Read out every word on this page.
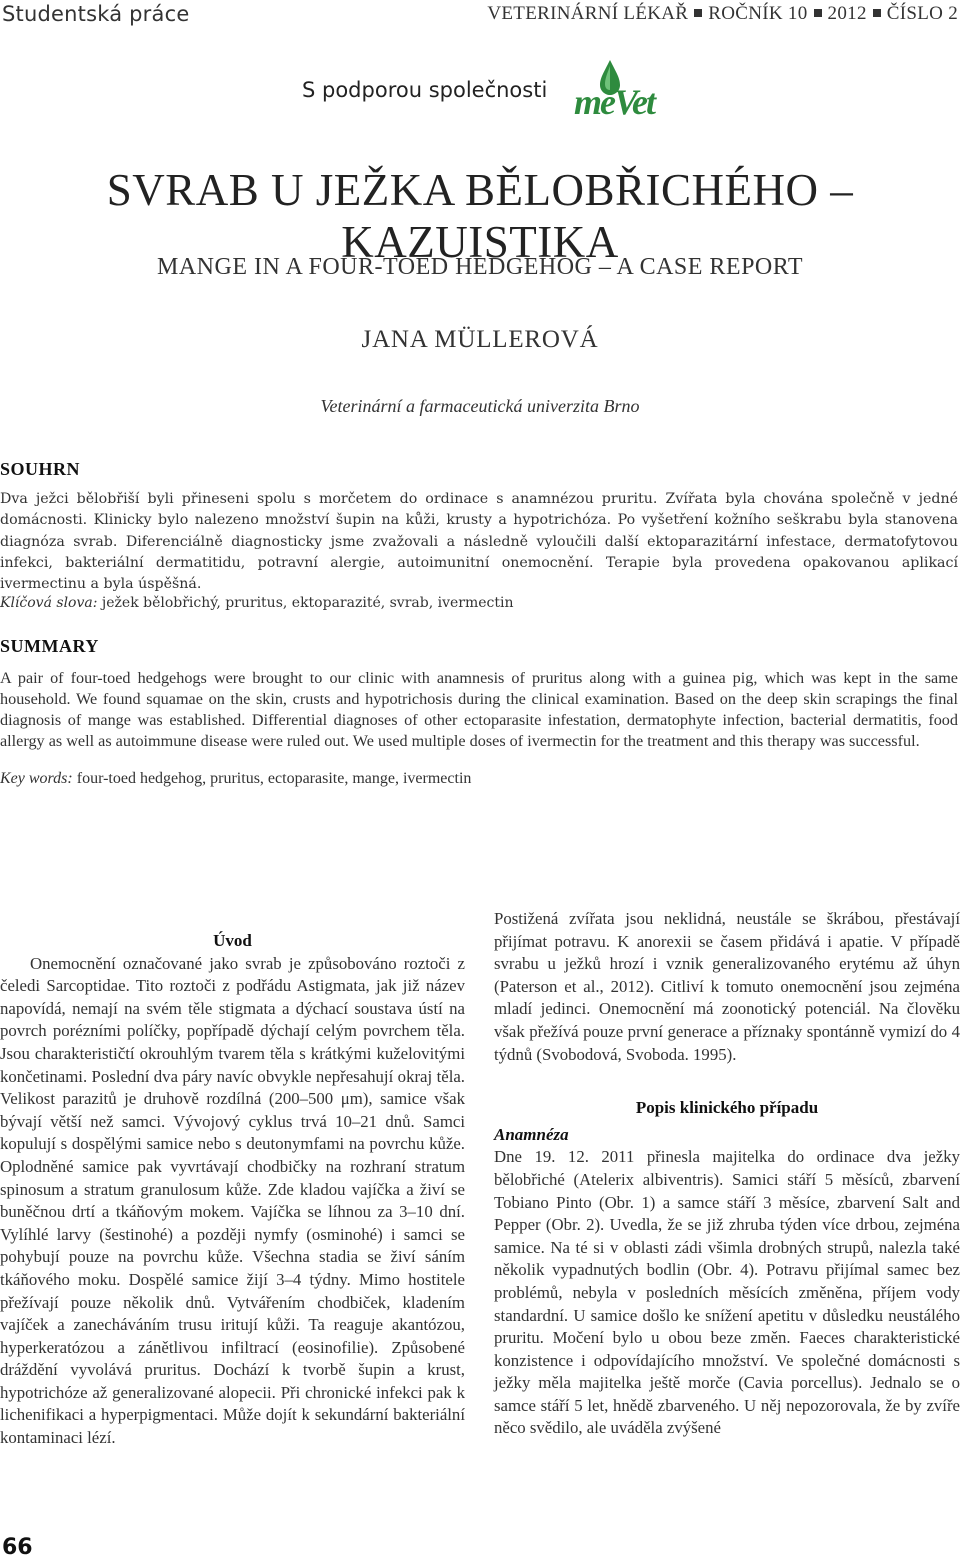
Studentská práce	VETERINÁRNÍ LÉKAŘ ROČNÍK 10 2012 ČÍSLO 2
S podporou společnosti meVet
SVRAB U JEŽKA BĚLOBŘICHÉHO – KAZUISTIKA
MANGE IN A FOUR-TOED HEDGEHOG – A CASE REPORT
JANA MÜLLEROVÁ
Veterinární a farmaceutická univerzita Brno
SOUHRN
Dva ježci bělobřiší byli přineseni spolu s morčetem do ordinace s anamnézou pruritu. Zvířata byla chována společně v jedné domácnosti. Klinicky bylo nalezeno množství šupin na kůži, krusty a hypotrichóza. Po vyšetření kožního seškrabu byla stanovena diagnóza svrab. Diferenciálně diagnosticky jsme zvažovali a následně vyloučili další ektoparazitární infestace, dermatofytovou infekci, bakteriální dermatitidu, potravní alergie, autoimunitní onemocnění. Terapie byla provedena opakovanou aplikací ivermectinu a byla úspěšná.
Klíčová slova: ježek bělobřichý, pruritus, ektoparazité, svrab, ivermectin
SUMMARY
A pair of four-toed hedgehogs were brought to our clinic with anamnesis of pruritus along with a guinea pig, which was kept in the same household. We found squamae on the skin, crusts and hypotrichosis during the clinical examination. Based on the deep skin scrapings the final diagnosis of mange was established. Differential diagnoses of other ectoparasite infestation, dermatophyte infection, bacterial dermatitis, food allergy as well as autoimmune disease were ruled out. We used multiple doses of ivermectin for the treatment and this therapy was successful.
Key words: four-toed hedgehog, pruritus, ectoparasite, mange, ivermectin
Úvod

Onemocnění označované jako svrab je způsobováno roztoči z čeledi Sarcoptidae. Tito roztoči z podřádu Astigmata, jak již název napovídá, nemají na svém těle stigmata a dýchací soustava ústí na povrch porézními políčky, popřípadě dýchají celým povrchem těla. Jsou charakterističtí okrouhlým tvarem těla s krátkými kuželovitými končetinami. Poslední dva páry navíc obvykle nepřesahují okraj těla. Velikost parazitů je druhově rozdílná (200–500 μm), samice však bývají větší než samci. Vývojový cyklus trvá 10–21 dnů. Samci kopulují s dospělými samice nebo s deutonymfami na povrchu kůže. Oplodněné samice pak vyvrtávají chodbičky na rozhraní stratum spinosum a stratum granulosum kůže. Zde kladou vajíčka a živí se buněčnou drtí a tkáňovým mokem. Vajíčka se líhnou za 3–10 dní. Vylíhlé larvy (šestinohé) a později nymfy (osminohé) i samci se pohybují pouze na povrchu kůže. Všechna stadia se živí sáním tkáňového moku. Dospělé samice žijí 3–4 týdny. Mimo hostitele přežívají pouze několik dnů. Vytvářením chodbiček, kladením vajíček a zanecháváním trusu iritují kůži. Ta reaguje akantózou, hyperkeratózou a zánětlivou infiltrací (eosinofilie). Způsobené dráždění vyvolává pruritus. Dochází k tvorbě šupin a krust, hypotrichóze až generalizované alopecii. Při chronické infekci pak k lichenifikaci a hyperpigmentaci. Může dojít k sekundární bakteriální kontaminaci lézí.

Postižená zvířata jsou neklidná, neustále se škrábou, přestávají přijímat potravu. K anorexii se časem přidává i apatie. V případě svrabu u ježků hrozí i vznik generalizovaného erytému až úhyn (Paterson et al., 2012). Citliví k tomuto onemocnění jsou zejména mladí jedinci. Onemocnění má zoonotický potenciál. Na člověku však přežívá pouze první generace a příznaky spontánně vymizí do 4 týdnů (Svobodová, Svoboda. 1995).

Popis klinického případu
Anamnéza

Dne 19. 12. 2011 přinesla majitelka do ordinace dva ježky bělobřiché (Atelerix albiventris). Samici stáří 5 měsíců, zbarvení Tobiano Pinto (Obr. 1) a samce stáří 3 měsíce, zbarvení Salt and Pepper (Obr. 2). Uvedla, že se již zhruba týden více drbou, zejména samice. Na té si v oblasti zádi všimla drobných strupů, nalezla také několik vypadnutých bodlin (Obr. 4). Potravu přijímal samec bez problémů, nebyla v posledních měsících změněna, příjem vody standardní. U samice došlo ke snížení apetitu v důsledku neustálého pruritu. Močení bylo u obou beze změn. Faeces charakteristické konzistence i odpovídajícího množství. Ve společné domácnosti s ježky měla majitelka ještě morče (Cavia porcellus). Jednalo se o samce stáří 5 let, hnědě zbarveného. U něj nepozorovala, že by zvíře něco svědilo, ale uváděla zvýšené

66
